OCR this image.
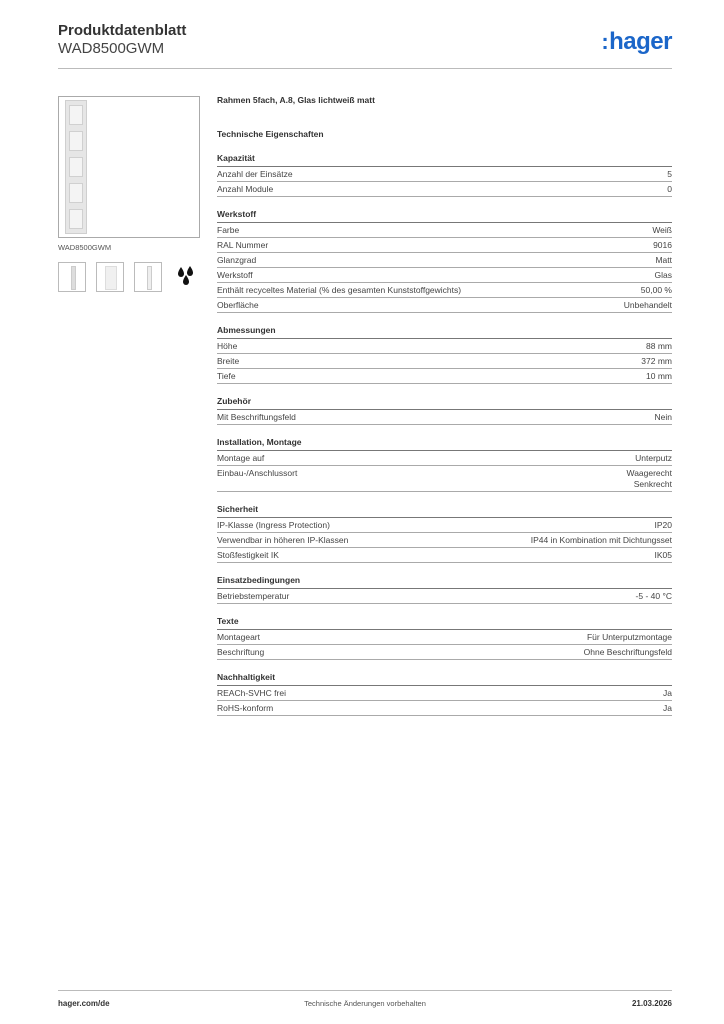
Produktdatenblatt
WAD8500GWM	:hager
WAD8500GWM
Rahmen 5fach, A.8, Glas lichtweiß matt
Technische Eigenschaften
Kapazität
Anzahl der Einsätze	5
Anzahl Module	0
Werkstoff
Farbe	Weiß
RAL Nummer	9016
Glanzgrad	Matt
Werkstoff	Glas
Enthält recyceltes Material (% des gesamten Kunststoffgewichts)	50,00 %
Oberfläche	Unbehandelt
Abmessungen
Höhe	88 mm
Breite	372 mm
Tiefe	10 mm
Zubehör
Mit Beschriftungsfeld	Nein
Installation, Montage
Montage auf	Unterputz
Einbau-/Anschlussort	Waagerecht
Senkrecht
Sicherheit
IP-Klasse (Ingress Protection)	IP20
Verwendbar in höheren IP-Klassen	IP44 in Kombination mit Dichtungsset
Stoßfestigkeit IK	IK05
Einsatzbedingungen
Betriebstemperatur	-5 - 40 °C
Texte
Montageart	Für Unterputzmontage
Beschriftung	Ohne Beschriftungsfeld
Nachhaltigkeit
REACh-SVHC frei	Ja
RoHS-konform	Ja
hager.com/de	Technische Änderungen vorbehalten	21.03.2026
